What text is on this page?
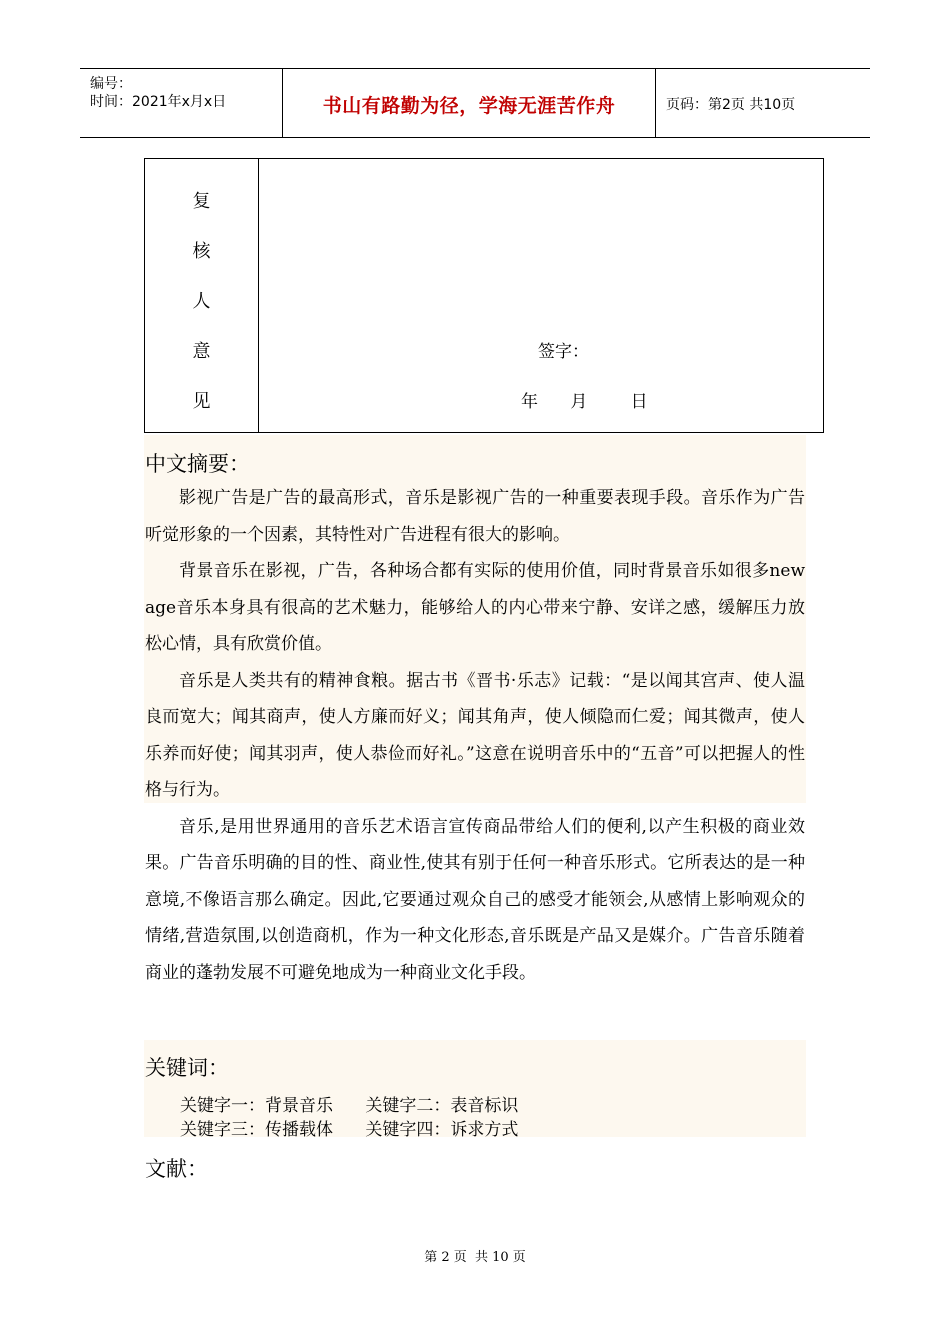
编号：
时间：2021年x月x日	书山有路勤为径，学海无涯苦作舟	页码：第2页 共10页
复
核
人
意
见
签字：
年      月        日
中文摘要：

影视广告是广告的最高形式，音乐是影视广告的一种重要表现手段。音乐作为广告听觉形象的一个因素，其特性对广告进程有很大的影响。

背景音乐在影视，广告，各种场合都有实际的使用价值，同时背景音乐如很多new age音乐本身具有很高的艺术魅力，能够给人的内心带来宁静、安详之感，缓解压力放松心情，具有欣赏价值。

音乐是人类共有的精神食粮。据古书《晋书·乐志》记载：“是以闻其宫声、使人温良而宽大；闻其商声，使人方廉而好义；闻其角声，使人倾隐而仁爱；闻其微声，使人乐养而好使；闻其羽声，使人恭俭而好礼。”这意在说明音乐中的“五音”可以把握人的性格与行为。

音乐,是用世界通用的音乐艺术语言宣传商品带给人们的便利,以产生积极的商业效果。广告音乐明确的目的性、商业性,使其有别于任何一种音乐形式。它所表达的是一种意境,不像语言那么确定。因此,它要通过观众自己的感受才能领会,从感情上影响观众的情绪,营造氛围,以创造商机，作为一种文化形态,音乐既是产品又是媒介。广告音乐随着商业的蓬勃发展不可避免地成为一种商业文化手段。

关键词：
关键字一：背景音乐      关键字二：表音标识
关键字三：传播载体      关键字四：诉求方式
文献：
第 2 页  共 10 页
